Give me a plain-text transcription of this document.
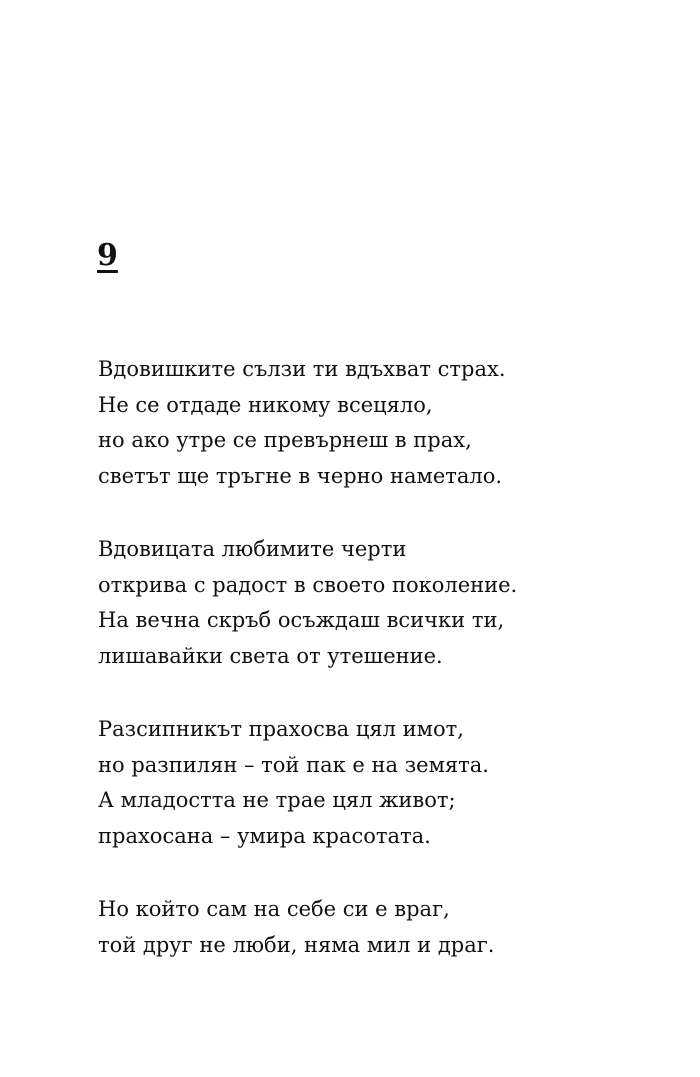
9
Вдовишките сълзи ти вдъхват страх.
Не се отдаде никому всецяло,
но ако утре се превърнеш в прах,
светът ще тръгне в черно наметало.
Вдовицата любимите черти
открива с радост в своето поколение.
На вечна скръб осъждаш всички ти,
лишавайки света от утешение.
Разсипникът прахосва цял имот,
но разпилян – той пак е на земята.
А младостта не трае цял живот;
прахосана – умира красотата.
Но който сам на себе си е враг,
той друг не люби, няма мил и драг.
